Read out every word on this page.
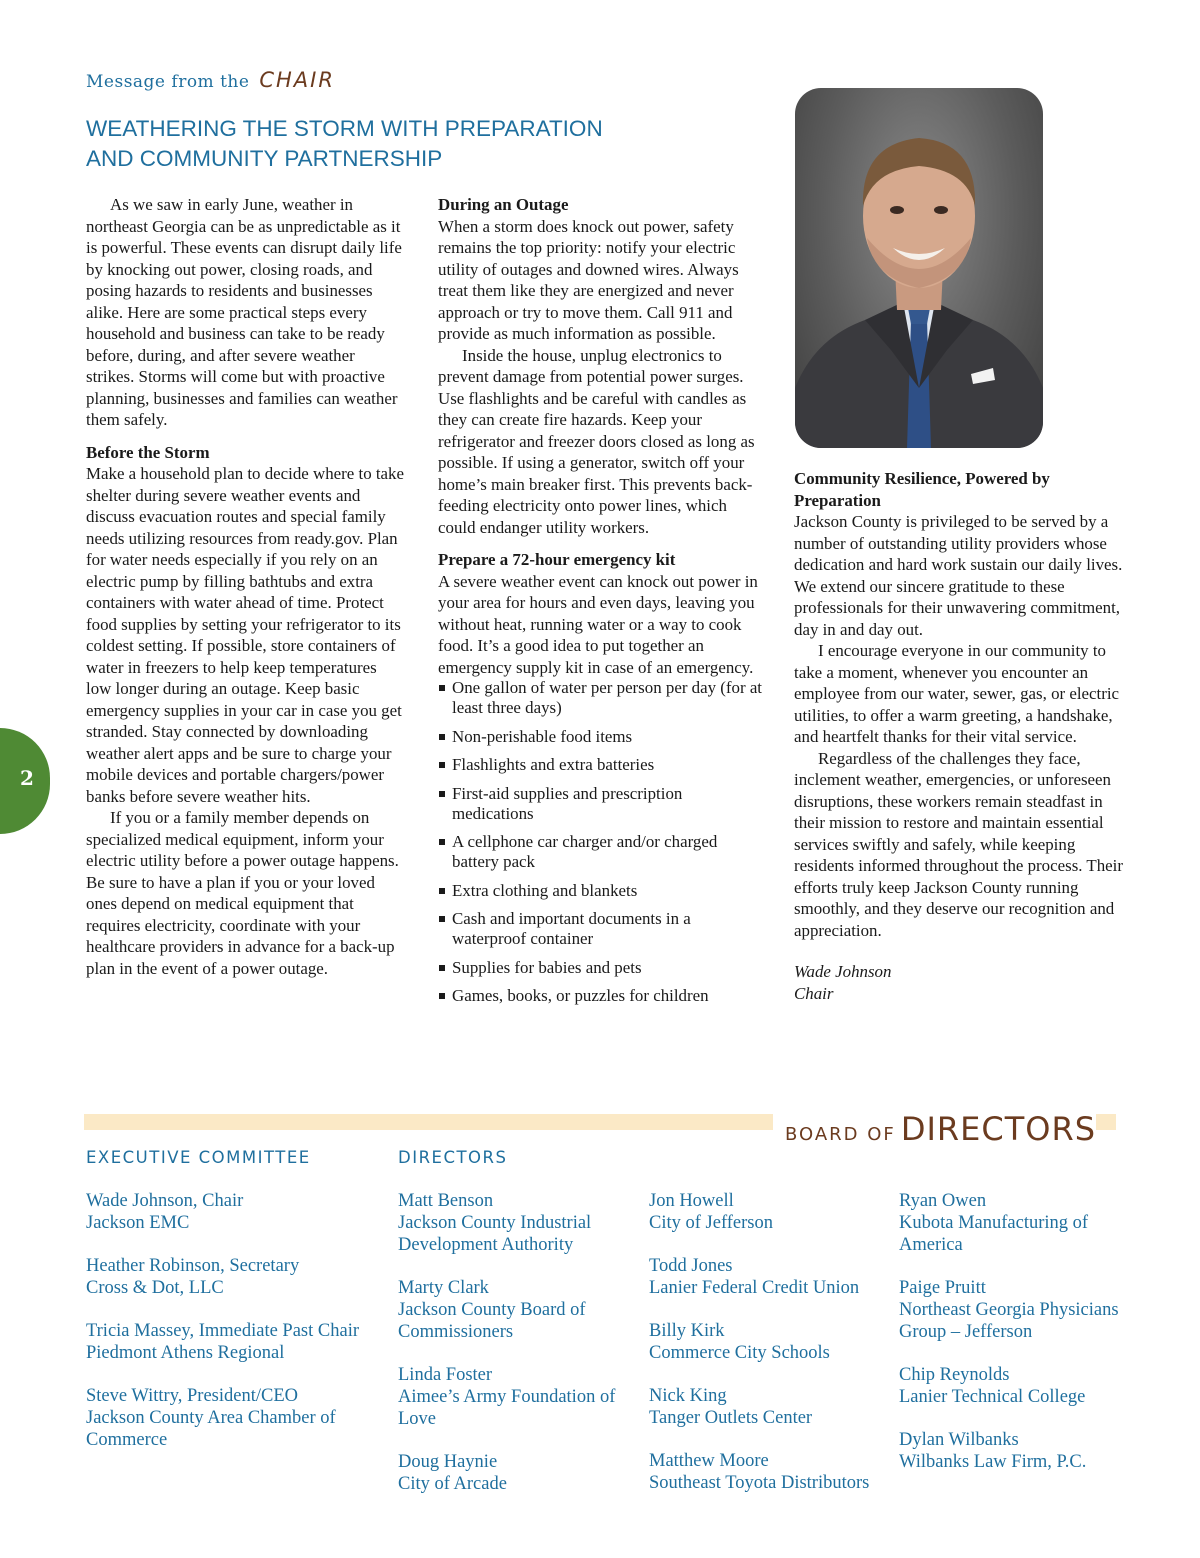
Message from the CHAIR
WEATHERING THE STORM WITH PREPARATION
AND COMMUNITY PARTNERSHIP

As we saw in early June, weather in northeast Georgia can be as unpredictable as it is powerful. These events can disrupt daily life by knocking out power, closing roads, and posing hazards to residents and businesses alike. Here are some practical steps every household and business can take to be ready before, during, and after severe weather strikes. Storms will come but with proactive planning, businesses and families can weather them safely.

Before the Storm

Make a household plan to decide where to take shelter during severe weather events and discuss evacuation routes and special family needs utilizing resources from ready.gov. Plan for water needs especially if you rely on an electric pump by filling bathtubs and extra containers with water ahead of time. Protect food supplies by setting your refrigerator to its coldest setting. If possible, store containers of water in freezers to help keep temperatures low longer during an outage. Keep basic emergency supplies in your car in case you get stranded. Stay connected by downloading weather alert apps and be sure to charge your mobile devices and portable chargers/power banks before severe weather hits.

If you or a family member depends on specialized medical equipment, inform your electric utility before a power outage happens. Be sure to have a plan if you or your loved ones depend on medical equipment that requires electricity, coordinate with your healthcare providers in advance for a back-up plan in the event of a power outage.

During an Outage

When a storm does knock out power, safety remains the top priority: notify your electric utility of outages and downed wires. Always treat them like they are energized and never approach or try to move them. Call 911 and provide as much information as possible.

Inside the house, unplug electronics to prevent damage from potential power surges. Use flashlights and be careful with candles as they can create fire hazards. Keep your refrigerator and freezer doors closed as long as possible. If using a generator, switch off your home’s main breaker first. This prevents back-feeding electricity onto power lines, which could endanger utility workers.

Prepare a 72-hour emergency kit

A severe weather event can knock out power in your area for hours and even days, leaving you without heat, running water or a way to cook food. It’s a good idea to put together an emergency supply kit in case of an emergency.

One gallon of water per person per day (for at least three days)
Non-perishable food items
Flashlights and extra batteries
First-aid supplies and prescription medications
A cellphone car charger and/or charged battery pack
Extra clothing and blankets
Cash and important documents in a waterproof container
Supplies for babies and pets
Games, books, or puzzles for children
Community Resilience, Powered by Preparation

Jackson County is privileged to be served by a number of outstanding utility providers whose dedication and hard work sustain our daily lives. We extend our sincere gratitude to these professionals for their unwavering commitment, day in and day out.

I encourage everyone in our community to take a moment, whenever you encounter an employee from our water, sewer, gas, or electric utilities, to offer a warm greeting, a handshake, and heartfelt thanks for their vital service.

Regardless of the challenges they face, inclement weather, emergencies, or unforeseen disruptions, these workers remain steadfast in their mission to restore and maintain essential services swiftly and safely, while keeping residents informed throughout the process. Their efforts truly keep Jackson County running smoothly, and they deserve our recognition and appreciation.

Wade Johnson
Chair
2
BOARD OF DIRECTORS
EXECUTIVE COMMITTEE	DIRECTORS
Wade Johnson, Chair
Jackson EMC
Heather Robinson, Secretary
Cross & Dot, LLC
Tricia Massey, Immediate Past Chair
Piedmont Athens Regional
Steve Wittry, President/CEO
Jackson County Area Chamber of
Commerce
Matt Benson
Jackson County Industrial
Development Authority
Marty Clark
Jackson County Board of
Commissioners
Linda Foster
Aimee’s Army Foundation of
Love
Doug Haynie
City of Arcade
Jon Howell
City of Jefferson
Todd Jones
Lanier Federal Credit Union
Billy Kirk
Commerce City Schools
Nick King
Tanger Outlets Center
Matthew Moore
Southeast Toyota Distributors
Ryan Owen
Kubota Manufacturing of
America
Paige Pruitt
Northeast Georgia Physicians
Group – Jefferson
Chip Reynolds
Lanier Technical College
Dylan Wilbanks
Wilbanks Law Firm, P.C.
